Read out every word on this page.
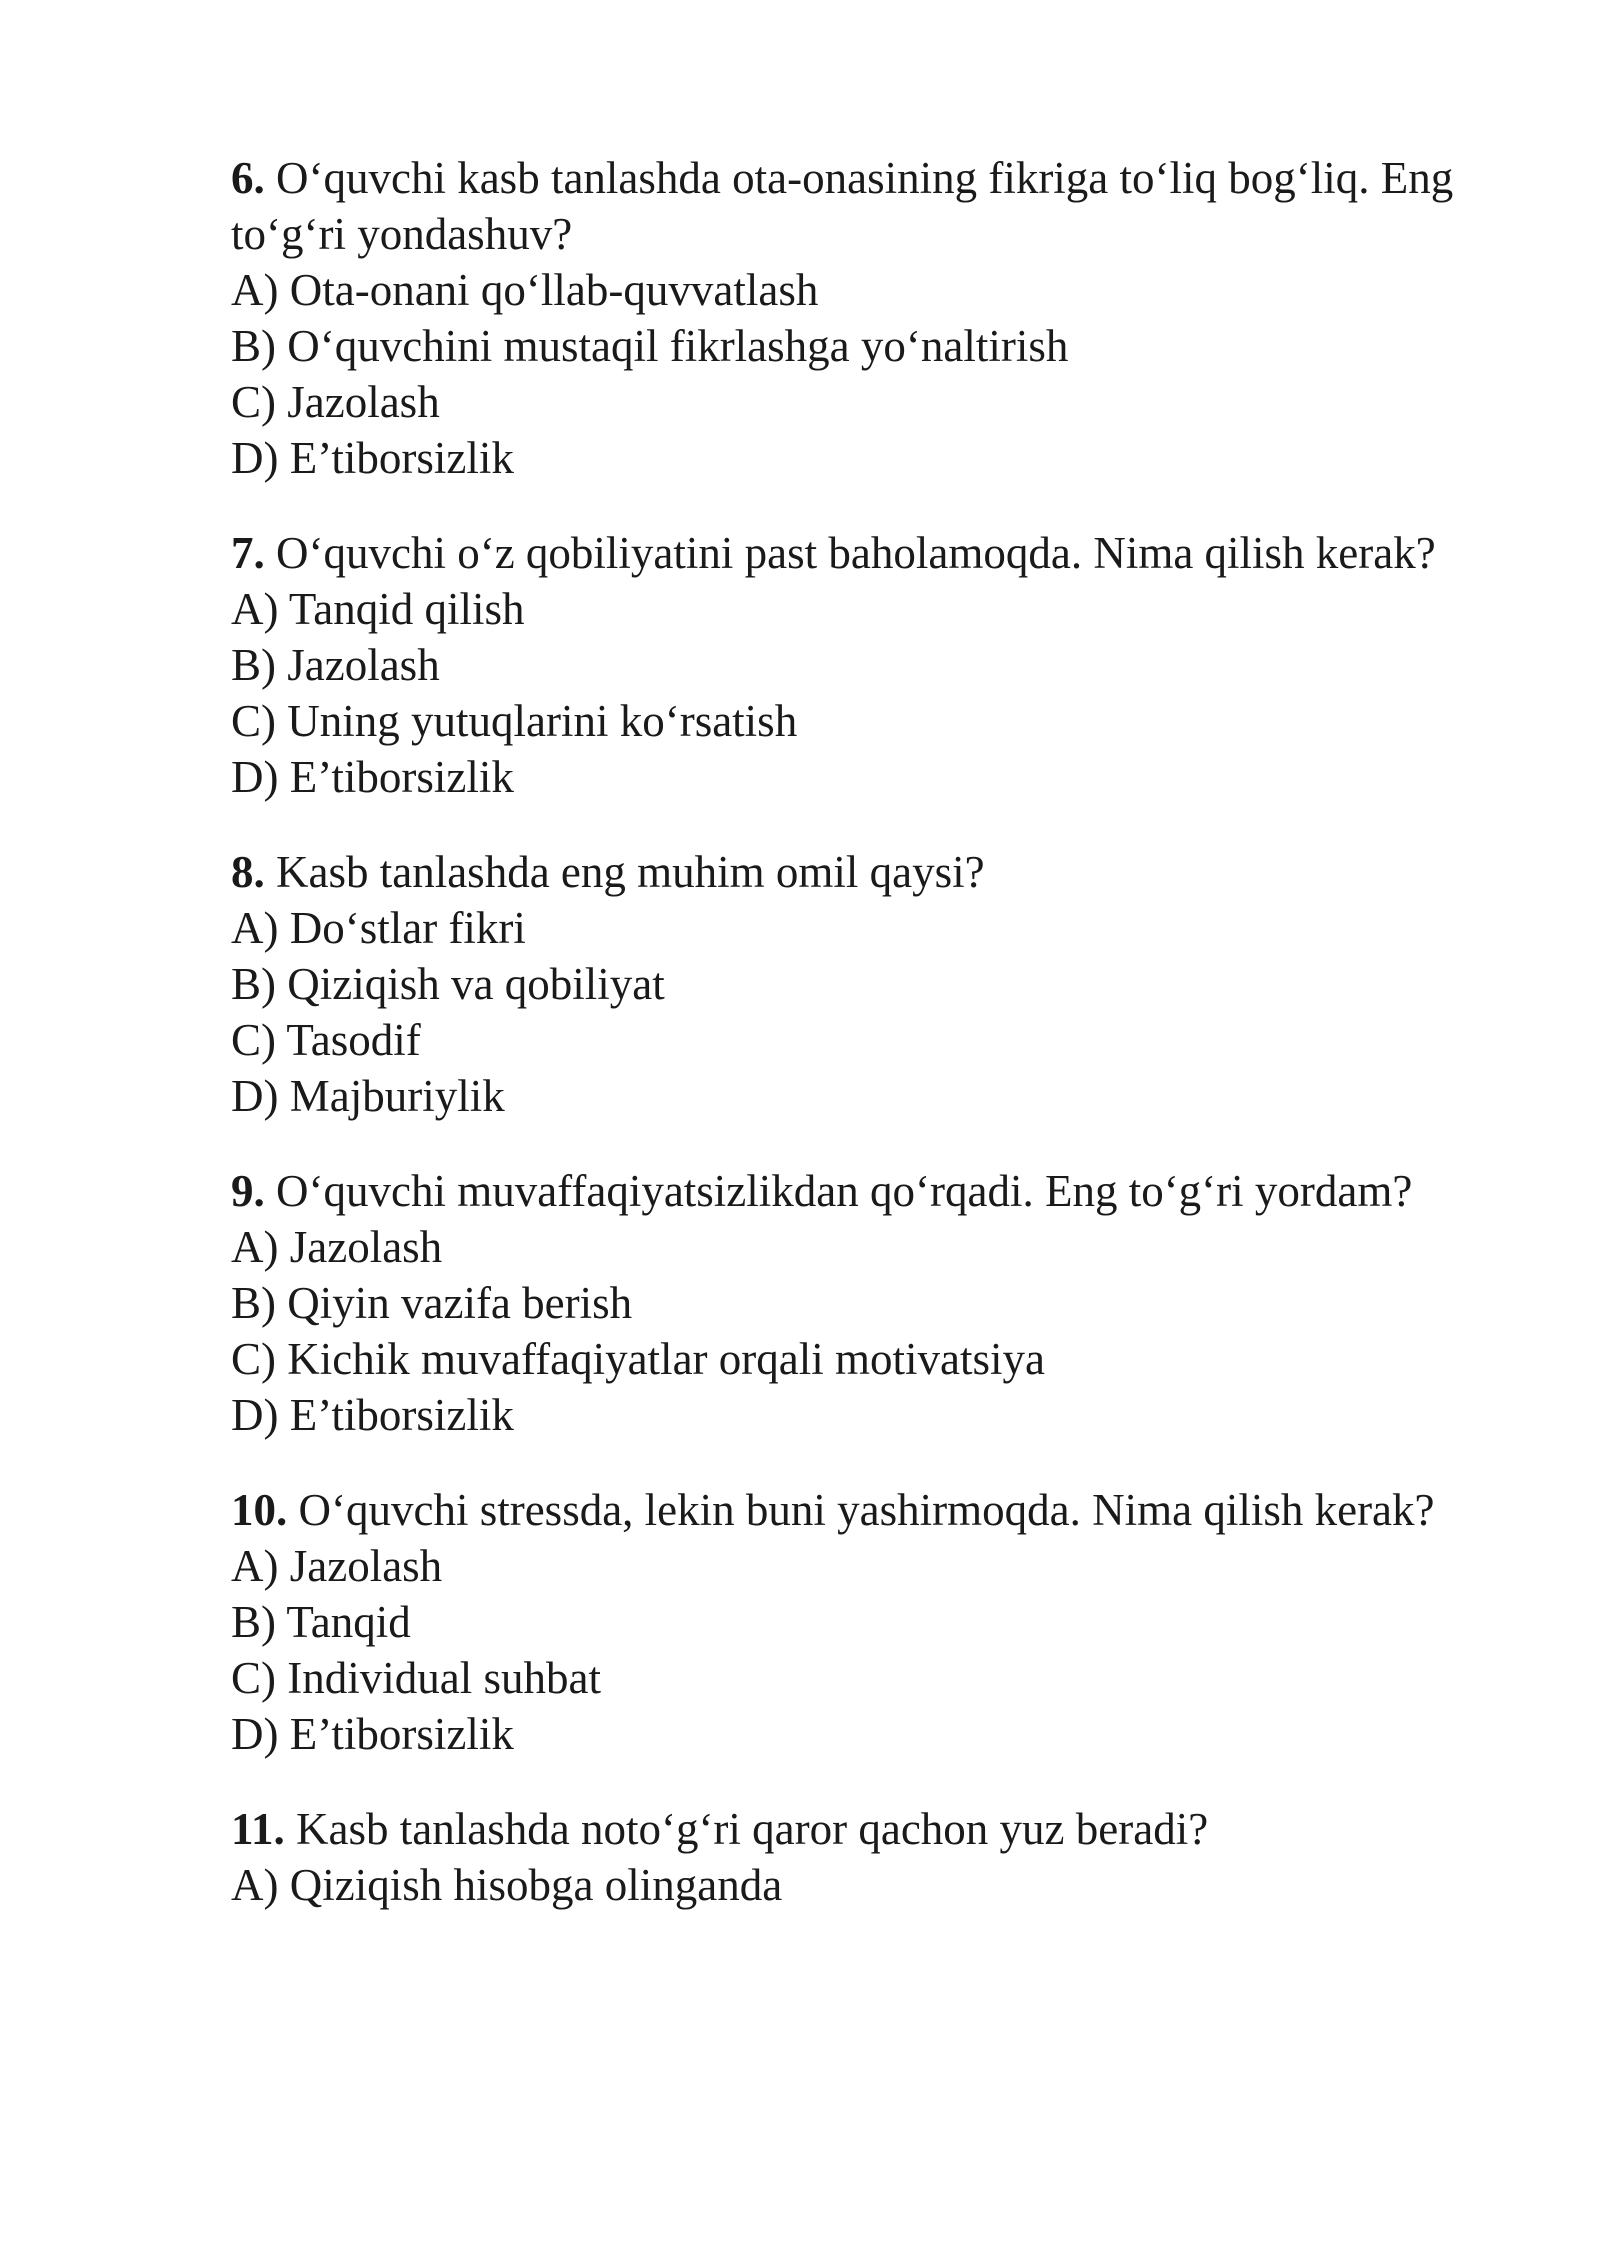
6. O‘quvchi kasb tanlashda ota-onasining fikriga to‘liq bog‘liq. Eng to‘g‘ri yondashuv?

A) Ota-onani qo‘llab-quvvatlash

B) O‘quvchini mustaqil fikrlashga yo‘naltirish

C) Jazolash

D) E’tiborsizlik

7. O‘quvchi o‘z qobiliyatini past baholamoqda. Nima qilish kerak?

A) Tanqid qilish

B) Jazolash

C) Uning yutuqlarini ko‘rsatish

D) E’tiborsizlik

8. Kasb tanlashda eng muhim omil qaysi?

A) Do‘stlar fikri

B) Qiziqish va qobiliyat

C) Tasodif

D) Majburiylik

9. O‘quvchi muvaffaqiyatsizlikdan qo‘rqadi. Eng to‘g‘ri yordam?

A) Jazolash

B) Qiyin vazifa berish

C) Kichik muvaffaqiyatlar orqali motivatsiya

D) E’tiborsizlik

10. O‘quvchi stressda, lekin buni yashirmoqda. Nima qilish kerak?

A) Jazolash

B) Tanqid

C) Individual suhbat

D) E’tiborsizlik

11. Kasb tanlashda noto‘g‘ri qaror qachon yuz beradi?

A) Qiziqish hisobga olinganda
